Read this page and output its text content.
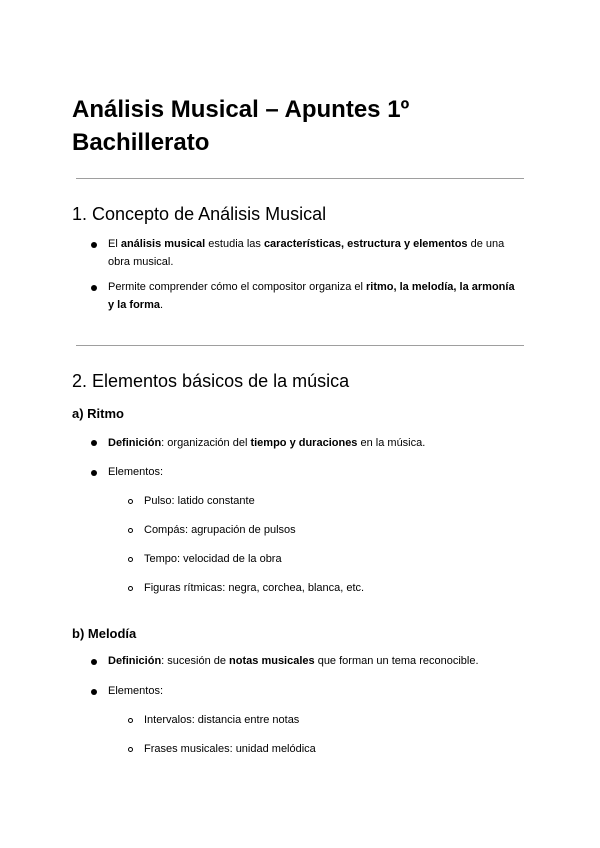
Análisis Musical – Apuntes 1º Bachillerato
1. Concepto de Análisis Musical

El análisis musical estudia las características, estructura y elementos de una obra musical.

Permite comprender cómo el compositor organiza el ritmo, la melodía, la armonía y la forma.

2. Elementos básicos de la música
a) Ritmo

Definición: organización del tiempo y duraciones en la música.

Elementos:

Pulso: latido constante

Compás: agrupación de pulsos

Tempo: velocidad de la obra

Figuras rítmicas: negra, corchea, blanca, etc.

b) Melodía

Definición: sucesión de notas musicales que forman un tema reconocible.

Elementos:

Intervalos: distancia entre notas

Frases musicales: unidad melódica
